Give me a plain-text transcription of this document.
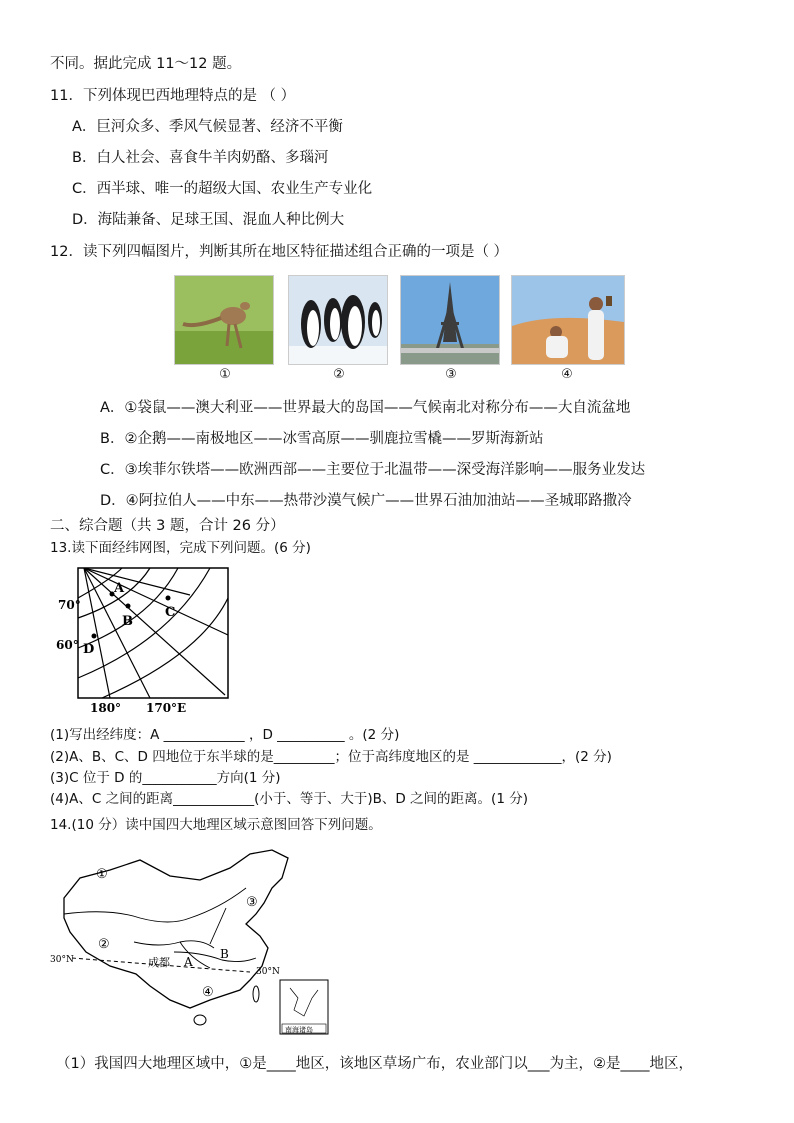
不同。据此完成 11～12 题。
11．下列体现巴西地理特点的是 （ ）
A．巨河众多、季风气候显著、经济不平衡
B．白人社会、喜食牛羊肉奶酪、多瑙河
C．西半球、唯一的超级大国、农业生产专业化
D．海陆兼备、足球王国、混血人种比例大
12．读下列四幅图片，判断其所在地区特征描述组合正确的一项是（ ）
①	②	③	④
A．①袋鼠——澳大利亚——世界最大的岛国——气候南北对称分布——大自流盆地
B．②企鹅——南极地区——冰雪高原——驯鹿拉雪橇——罗斯海新站
C．③埃菲尔铁塔——欧洲西部——主要位于北温带——深受海洋影响——服务业发达
D．④阿拉伯人——中东——热带沙漠气候广——世界石油加油站——圣城耶路撒冷
二、综合题（共 3 题，合计 26 分）
13.读下面经纬网图，完成下列问题。(6 分)
A
B
C
D
70°
60°
180° 170°E
(1)写出经纬度：A ____________ ，D __________ 。(2 分)
(2)A、B、C、D 四地位于东半球的是_________；位于高纬度地区的是 _____________，(2 分)
(3)C 位于 D 的___________方向(1 分)
(4)A、C 之间的距离____________(小于、等于、大于)B、D 之间的距离。(1 分)
14.(10 分）读中国四大地理区域示意图回答下列问题。
①
②
③
④
A
B
成都
30°N
30°N
南海诸岛
（1）我国四大地理区域中，①是____地区，该地区草场广布，农业部门以___为主，②是____地区，
